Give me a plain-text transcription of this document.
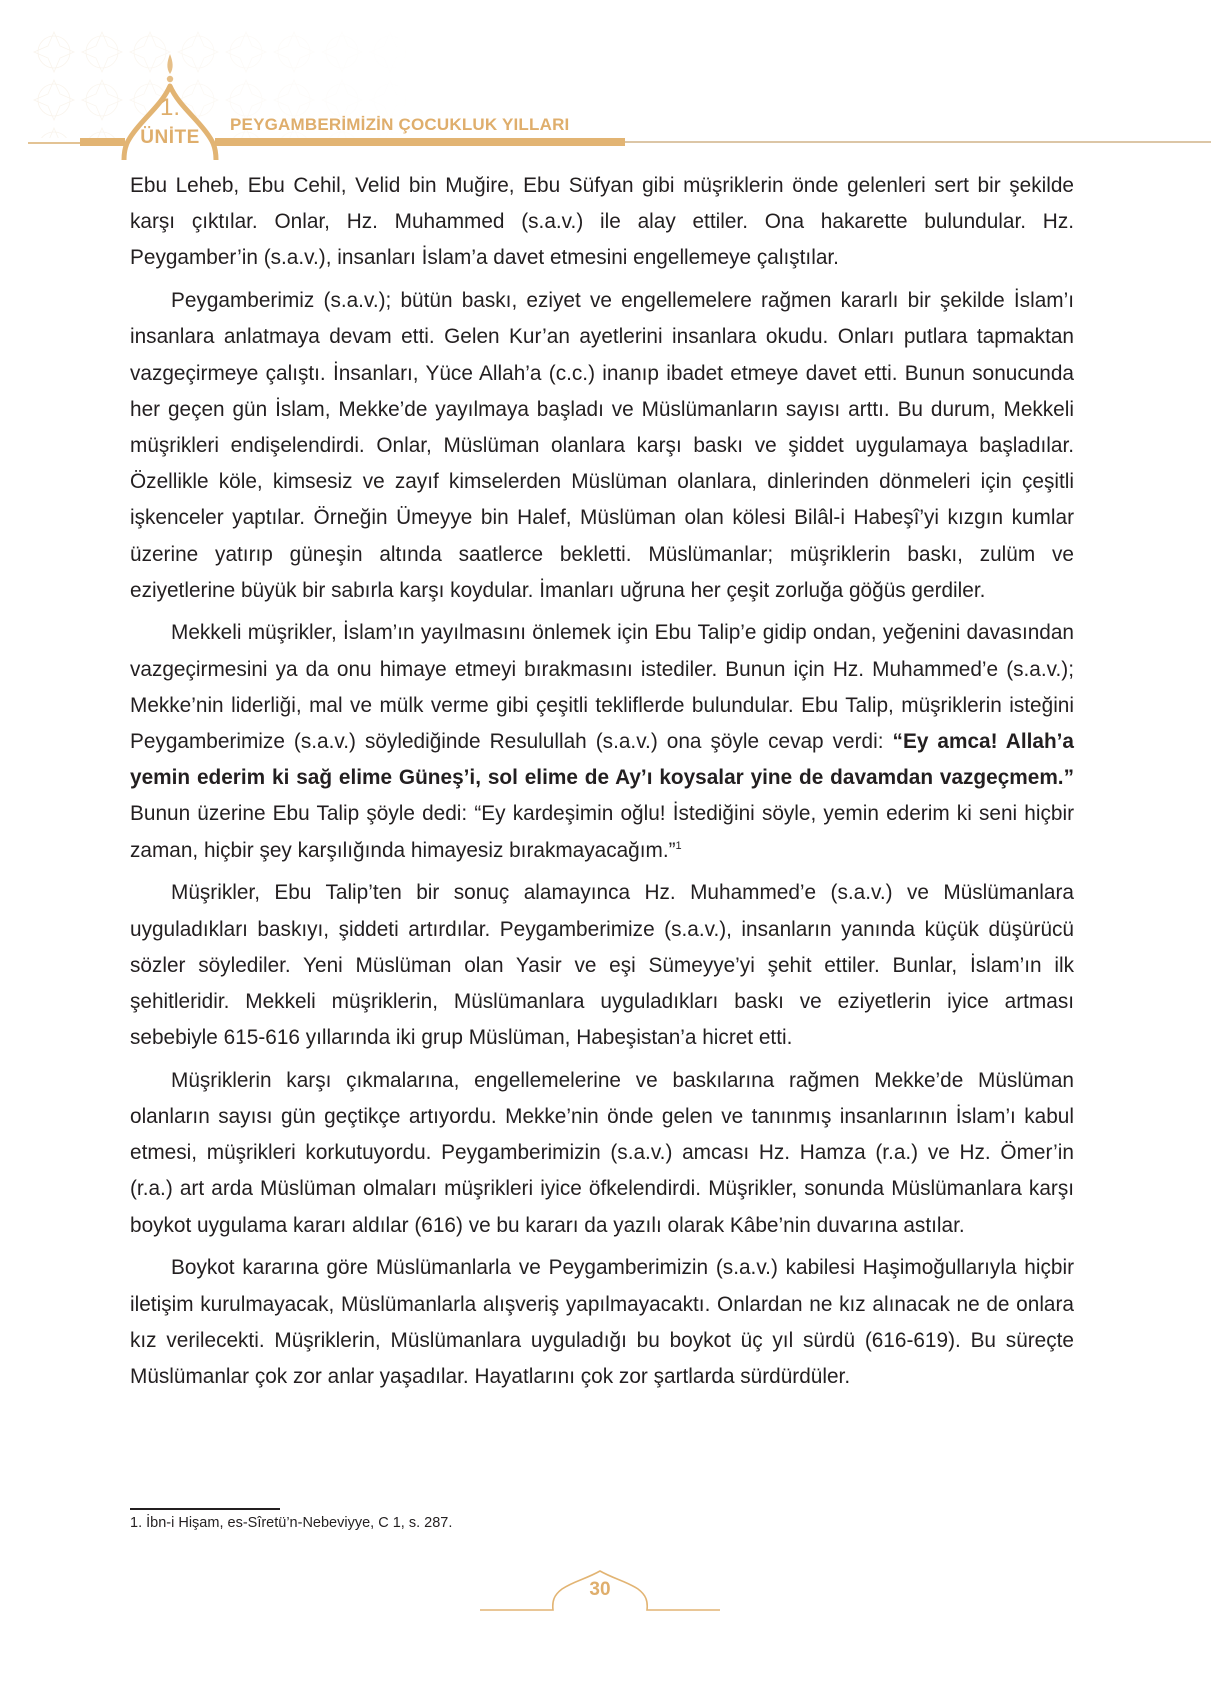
1.
ÜNİTE
PEYGAMBERİMİZİN ÇOCUKLUK YILLARI

Ebu Leheb, Ebu Cehil, Velid bin Muğire, Ebu Süfyan gibi müşriklerin önde gelenleri sert bir şekilde karşı çıktılar. Onlar, Hz. Muhammed (s.a.v.) ile alay ettiler. Ona hakarette bulundular. Hz. Peygamber’in (s.a.v.), insanları İslam’a davet etmesini engellemeye çalıştılar.

Peygamberimiz (s.a.v.); bütün baskı, eziyet ve engellemelere rağmen kararlı bir şekilde İslam’ı insanlara anlatmaya devam etti. Gelen Kur’an ayetlerini insanlara okudu. Onları putlara tapmaktan vazgeçirmeye çalıştı. İnsanları, Yüce Allah’a (c.c.) inanıp ibadet etmeye davet etti. Bunun sonucunda her geçen gün İslam, Mekke’de yayılmaya başladı ve Müslümanların sayısı arttı. Bu durum, Mekkeli müşrikleri endişelendirdi. Onlar, Müslüman olanlara karşı baskı ve şiddet uygulamaya başladılar. Özellikle köle, kimsesiz ve zayıf kimselerden Müslüman olanlara, dinlerinden dönmeleri için çeşitli işkenceler yaptılar. Örneğin Ümeyye bin Halef, Müslüman olan kölesi Bilâl-i Habeşî’yi kızgın kumlar üzerine yatırıp güneşin altında saatlerce bekletti. Müslümanlar; müşriklerin baskı, zulüm ve eziyetlerine büyük bir sabırla karşı koydular. İmanları uğruna her çeşit zorluğa göğüs gerdiler.

Mekkeli müşrikler, İslam’ın yayılmasını önlemek için Ebu Talip’e gidip ondan, yeğenini davasından vazgeçirmesini ya da onu himaye etmeyi bırakmasını istediler. Bunun için Hz. Muhammed’e (s.a.v.); Mekke’nin liderliği, mal ve mülk verme gibi çeşitli tekliflerde bulundular. Ebu Talip, müşriklerin isteğini Peygamberimize (s.a.v.) söylediğinde Resulullah (s.a.v.) ona şöyle cevap verdi: “Ey amca! Allah’a yemin ederim ki sağ elime Güneş’i, sol elime de Ay’ı koysalar yine de davamdan vazgeçmem.” Bunun üzerine Ebu Talip şöyle dedi: “Ey kardeşimin oğlu! İstediğini söyle, yemin ederim ki seni hiçbir zaman, hiçbir şey karşılığında himayesiz bırakmayacağım.”$^1$

Müşrikler, Ebu Talip’ten bir sonuç alamayınca Hz. Muhammed’e (s.a.v.) ve Müslümanlara uyguladıkları baskıyı, şiddeti artırdılar. Peygamberimize (s.a.v.), insanların yanında küçük düşürücü sözler söylediler. Yeni Müslüman olan Yasir ve eşi Sümeyye’yi şehit ettiler. Bunlar, İslam’ın ilk şehitleridir. Mekkeli müşriklerin, Müslümanlara uyguladıkları baskı ve eziyetlerin iyice artması sebebiyle 615-616 yıllarında iki grup Müslüman, Habeşistan’a hicret etti.

Müşriklerin karşı çıkmalarına, engellemelerine ve baskılarına rağmen Mekke’de Müslüman olanların sayısı gün geçtikçe artıyordu. Mekke’nin önde gelen ve tanınmış insanlarının İslam’ı kabul etmesi, müşrikleri korkutuyordu. Peygamberimizin (s.a.v.) amcası Hz. Hamza (r.a.) ve Hz. Ömer’in (r.a.) art arda Müslüman olmaları müşrikleri iyice öfkelendirdi. Müşrikler, sonunda Müslümanlara karşı boykot uygulama kararı aldılar (616) ve bu kararı da yazılı olarak Kâbe’nin duvarına astılar.

Boykot kararına göre Müslümanlarla ve Peygamberimizin (s.a.v.) kabilesi Haşimoğullarıyla hiçbir iletişim kurulmayacak, Müslümanlarla alışveriş yapılmayacaktı. Onlardan ne kız alınacak ne de onlara kız verilecekti. Müşriklerin, Müslümanlara uyguladığı bu boykot üç yıl sürdü (616-619). Bu süreçte Müslümanlar çok zor anlar yaşadılar. Hayatlarını çok zor şartlarda sürdürdüler.

1. İbn-i Hişam, es-Sîretü’n-Nebeviyye, C 1, s. 287.
30
